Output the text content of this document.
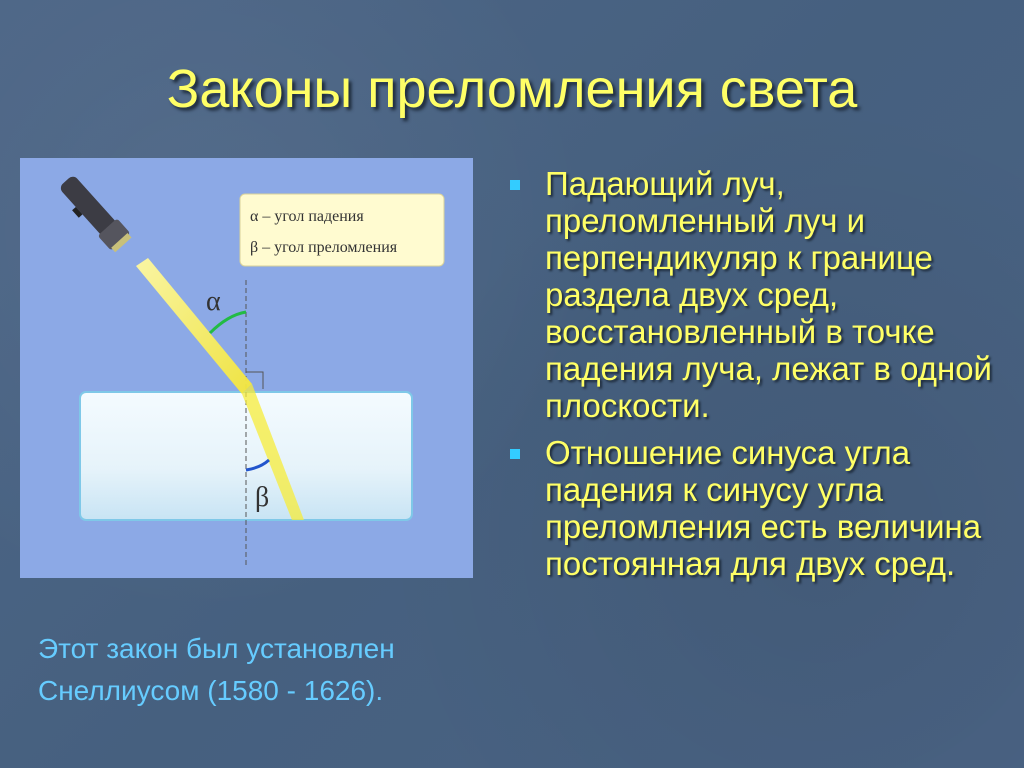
Законы преломления света
α
β
α – угол падения
β – угол преломления
Падающий луч, преломленный луч и перпендикуляр к границе раздела двух сред, восстановленный в точке падения луча, лежат в одной плоскости.
Отношение синуса угла падения к синусу угла преломления есть величина постоянная для двух сред.
Этот закон был установлен
Снеллиусом (1580 - 1626).
